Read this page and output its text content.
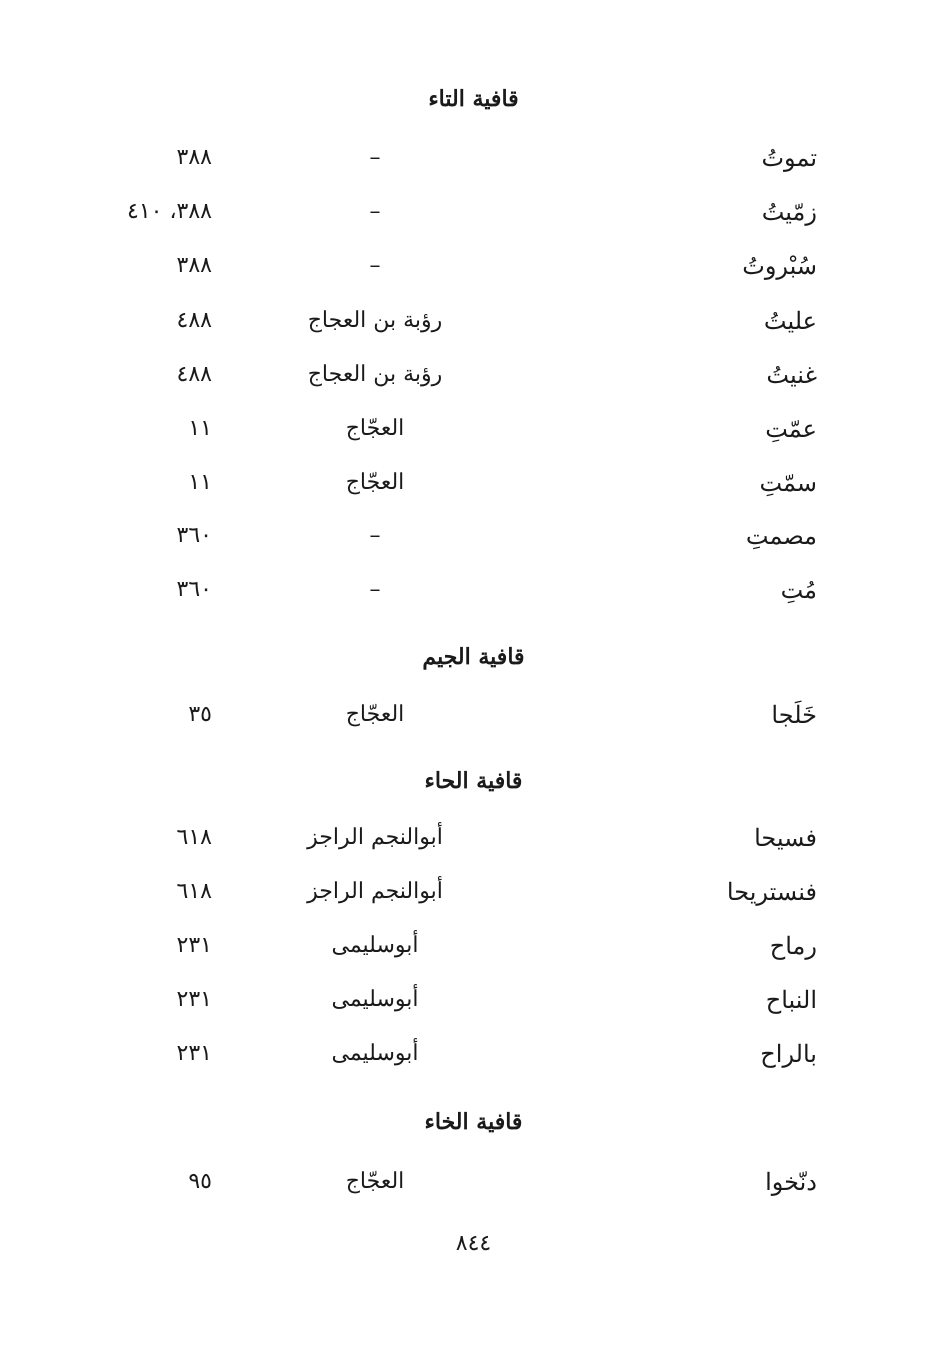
قافية التاء
تموتُ
–
٣٨٨
زمّيتُ
–
٣٨٨، ٤١٠
سُبْروتُ
–
٣٨٨
عليتُ
رؤبة بن العجاج
٤٨٨
غنيتُ
رؤبة بن العجاج
٤٨٨
عمّتِ
العجّاج
١١
سمّتِ
العجّاج
١١
مصمتِ
–
٣٦٠
مُتِ
–
٣٦٠
قافية الجيم
خَلَجا
العجّاج
٣٥
قافية الحاء
فسيحا
أبوالنجم الراجز
٦١٨
فنستريحا
أبوالنجم الراجز
٦١٨
رماح
أبوسليمى
٢٣١
النباح
أبوسليمى
٢٣١
بالراح
أبوسليمى
٢٣١
قافية الخاء
دنّخوا
العجّاج
٩٥
٨٤٤
